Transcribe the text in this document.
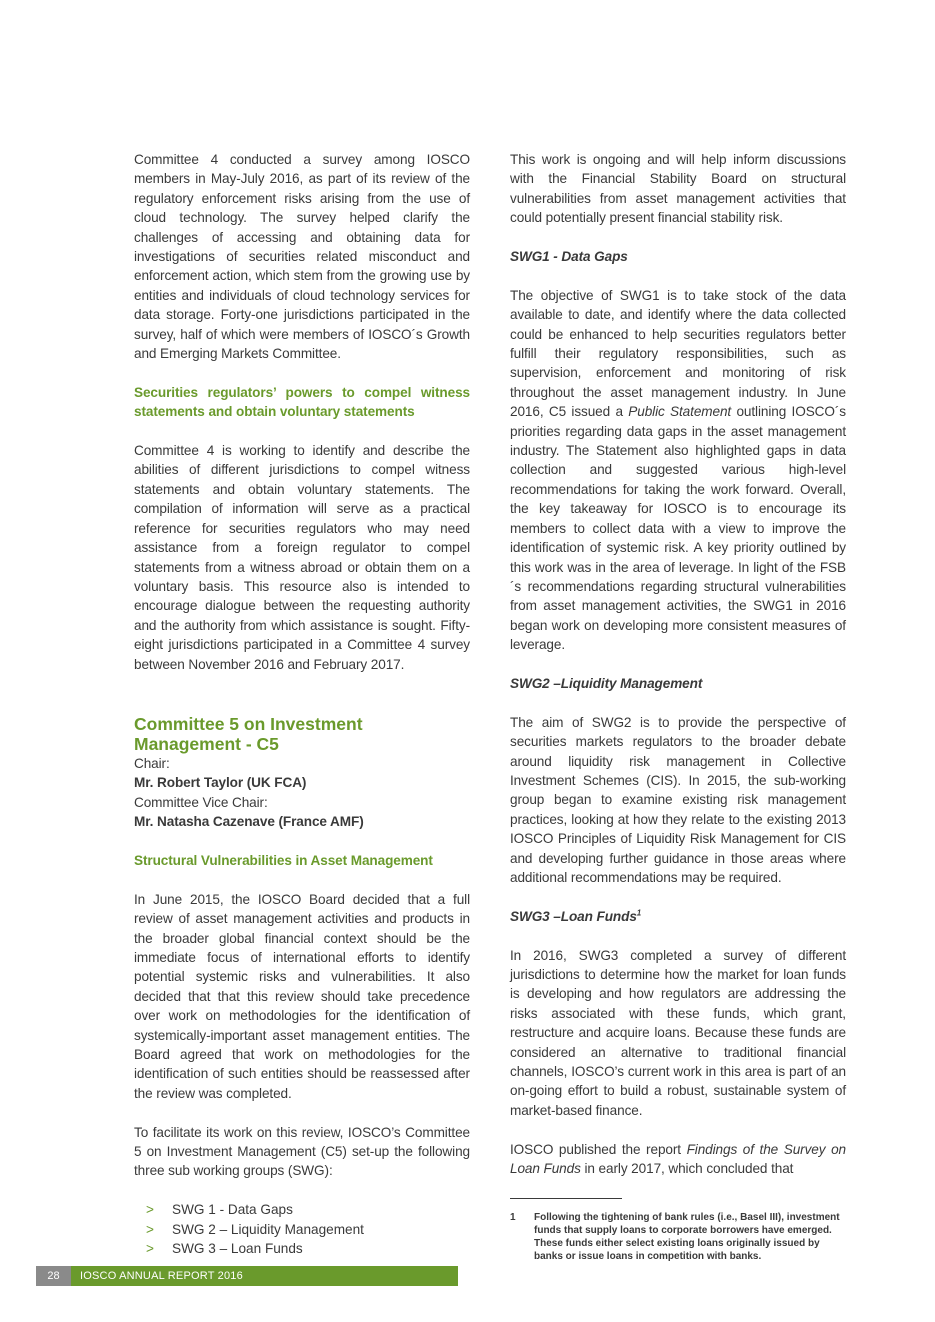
Committee 4 conducted a survey among IOSCO members in May-July 2016, as part of its review of the regulatory enforcement risks arising from the use of cloud technology. The survey helped clarify the challenges of accessing and obtaining data for investigations of securities related misconduct and enforcement action, which stem from the growing use by entities and individuals of cloud technology services for data storage. Forty-one jurisdictions participated in the survey, half of which were members of IOSCO´s Growth and Emerging Markets Committee.

Securities regulators’ powers to compel witness statements and obtain voluntary statements

Committee 4 is working to identify and describe the abilities of different jurisdictions to compel witness statements and obtain voluntary statements. The compilation of information will serve as a practical reference for securities regulators who may need assistance from a foreign regulator to compel statements from a witness abroad or obtain them on a voluntary basis. This resource also is intended to encourage dialogue between the requesting authority and the authority from which assistance is sought. Fifty-eight jurisdictions participated in a Committee 4 survey between November 2016 and February 2017.

Committee 5 on Investment
Management - C5

Chair:

Mr. Robert Taylor (UK FCA)

Committee Vice Chair:

Mr. Natasha Cazenave (France AMF)

Structural Vulnerabilities in Asset Management

In June 2015, the IOSCO Board decided that a full review of asset management activities and products in the broader global financial context should be the immediate focus of international efforts to identify potential systemic risks and vulnerabilities. It also decided that that this review should take precedence over work on methodologies for the identification of systemically-important asset management entities. The Board agreed that work on methodologies for the identification of such entities should be reassessed after the review was completed.

To facilitate its work on this review, IOSCO’s Committee 5 on Investment Management (C5) set-up the following three sub working groups (SWG):

> SWG 1 - Data Gaps
> SWG 2 – Liquidity Management
> SWG 3 – Loan Funds

This work is ongoing and will help inform discussions with the Financial Stability Board on structural vulnerabilities from asset management activities that could potentially present financial stability risk.

SWG1 - Data Gaps

The objective of SWG1 is to take stock of the data available to date, and identify where the data collected could be enhanced to help securities regulators better fulfill their regulatory responsibilities, such as supervision, enforcement and monitoring of risk throughout the asset management industry. In June 2016, C5 issued a Public Statement outlining IOSCO´s priorities regarding data gaps in the asset management industry. The Statement also highlighted gaps in data collection and suggested various high-level recommendations for taking the work forward. Overall, the key takeaway for IOSCO is to encourage its members to collect data with a view to improve the identification of systemic risk. A key priority outlined by this work was in the area of leverage. In light of the FSB´s recommendations regarding structural vulnerabilities from asset management activities, the SWG1 in 2016 began work on developing more consistent measures of leverage.

SWG2 –Liquidity Management

The aim of SWG2 is to provide the perspective of securities markets regulators to the broader debate around liquidity risk management in Collective Investment Schemes (CIS). In 2015, the sub-working group began to examine existing risk management practices, looking at how they relate to the existing 2013 IOSCO Principles of Liquidity Risk Management for CIS and developing further guidance in those areas where additional recommendations may be required.

SWG3 –Loan Funds$^1$

In 2016, SWG3 completed a survey of different jurisdictions to determine how the market for loan funds is developing and how regulators are addressing the risks associated with these funds, which grant, restructure and acquire loans. Because these funds are considered an alternative to traditional financial channels, IOSCO’s current work in this area is part of an on-going effort to build a robust, sustainable system of market-based finance.

IOSCO published the report Findings of the Survey on Loan Funds in early 2017, which concluded that

1	Following the tightening of bank rules (i.e., Basel III), investment funds that supply loans to corporate borrowers have emerged. These funds either select existing loans originally issued by banks or issue loans in competition with banks.
28	IOSCO ANNUAL REPORT 2016
